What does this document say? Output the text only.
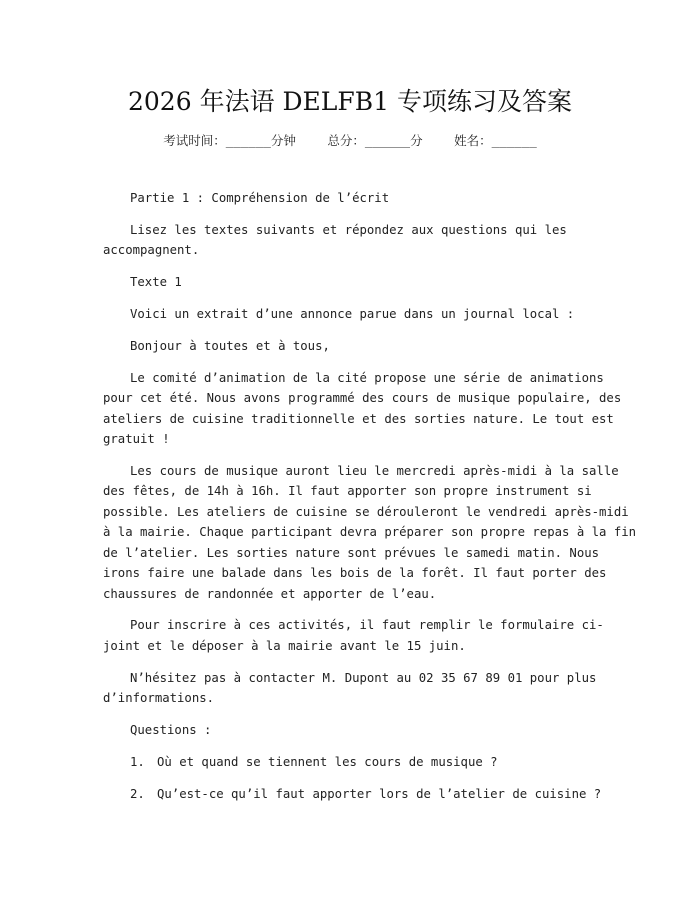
2026 年法语 DELFB1 专项练习及答案
考试时间：______分钟	总分：______分	姓名：______

Partie 1 : Compréhension de l’écrit

Lisez les textes suivants et répondez aux questions qui les
accompagnent.

Texte 1

Voici un extrait d’une annonce parue dans un journal local :

Bonjour à toutes et à tous,

Le comité d’animation de la cité propose une série de animations
pour cet été. Nous avons programmé des cours de musique populaire, des
ateliers de cuisine traditionnelle et des sorties nature. Le tout est
gratuit !

Les cours de musique auront lieu le mercredi après-midi à la salle
des fêtes, de 14h à 16h. Il faut apporter son propre instrument si
possible. Les ateliers de cuisine se dérouleront le vendredi après-midi
à la mairie. Chaque participant devra préparer son propre repas à la fin
de l’atelier. Les sorties nature sont prévues le samedi matin. Nous
irons faire une balade dans les bois de la forêt. Il faut porter des
chaussures de randonnée et apporter de l’eau.

Pour inscrire à ces activités, il faut remplir le formulaire ci-
joint et le déposer à la mairie avant le 15 juin.

N’hésitez pas à contacter M. Dupont au 02 35 67 89 01 pour plus
d’informations.

Questions :

1. Où et quand se tiennent les cours de musique ?
2. Qu’est-ce qu’il faut apporter lors de l’atelier de cuisine ?
